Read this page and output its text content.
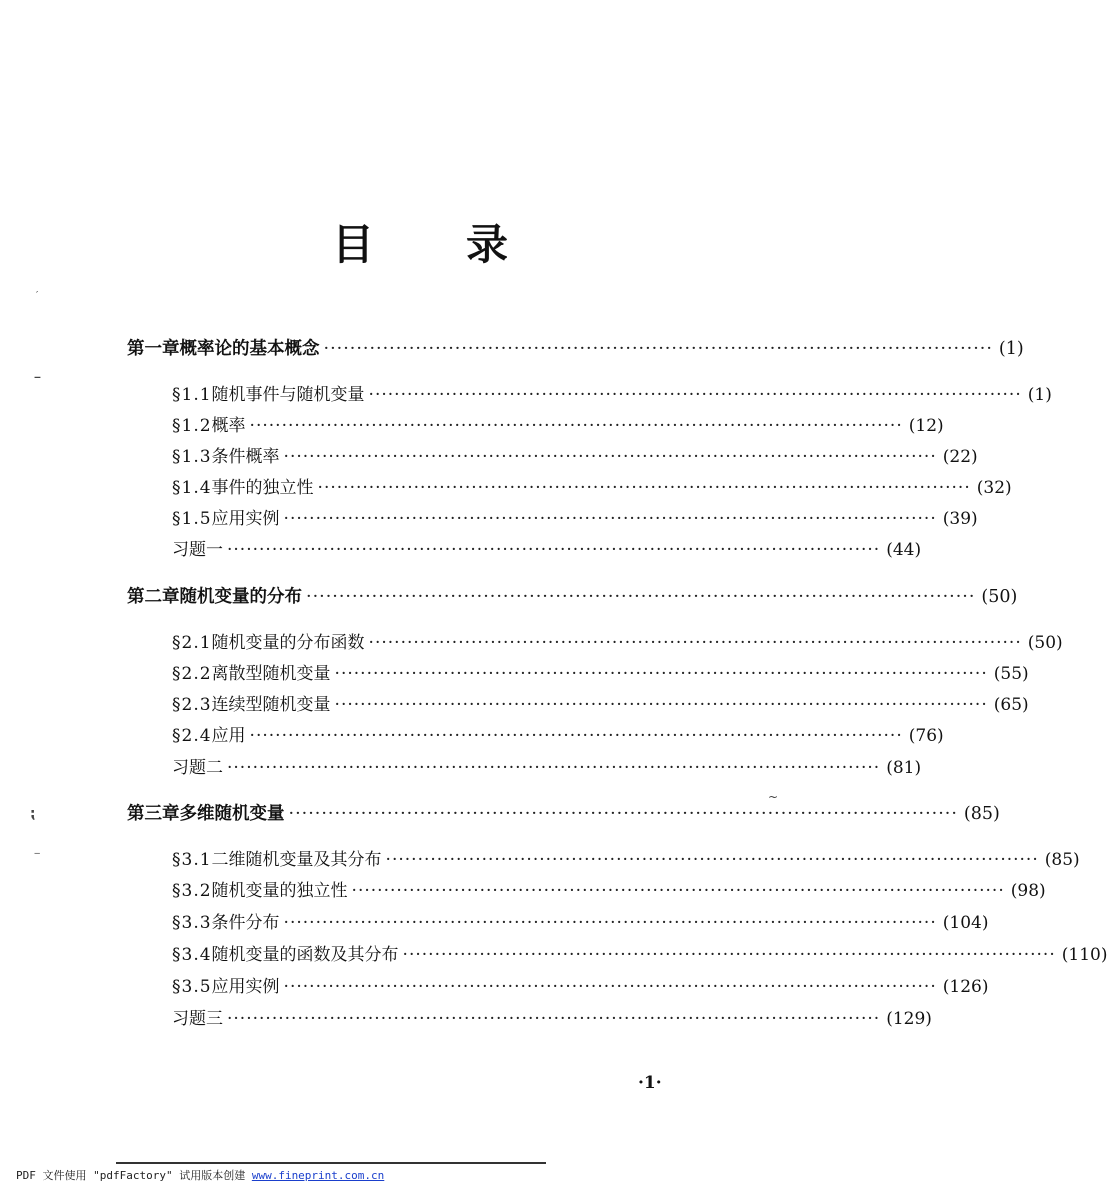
目 录
第一章 概率论的基本概念 ······································································································ (1)
§1.1 随机事件与随机变量 ······································································································ (1)
§1.2 概率 ······································································································ (12)
§1.3 条件概率 ······································································································ (22)
§1.4 事件的独立性 ······································································································ (32)
§1.5 应用实例 ······································································································ (39)
习题一 ······································································································ (44)
第二章 随机变量的分布 ······································································································ (50)
§2.1 随机变量的分布函数 ······································································································ (50)
§2.2 离散型随机变量 ······································································································ (55)
§2.3 连续型随机变量 ······································································································ (65)
§2.4 应用 ······································································································ (76)
习题二 ······································································································ (81)
第三章 多维随机变量 ······································································································ (85)
§3.1 二维随机变量及其分布 ······································································································ (85)
§3.2 随机变量的独立性 ······································································································ (98)
§3.3 条件分布 ······································································································ (104)
§3.4 随机变量的函数及其分布 ······································································································ (110)
§3.5 应用实例 ······································································································ (126)
习题三 ······································································································ (129)
·1·
′
‒
⁏
‒
~
PDF 文件使用 "pdfFactory" 试用版本创建 www.fineprint.com.cn
